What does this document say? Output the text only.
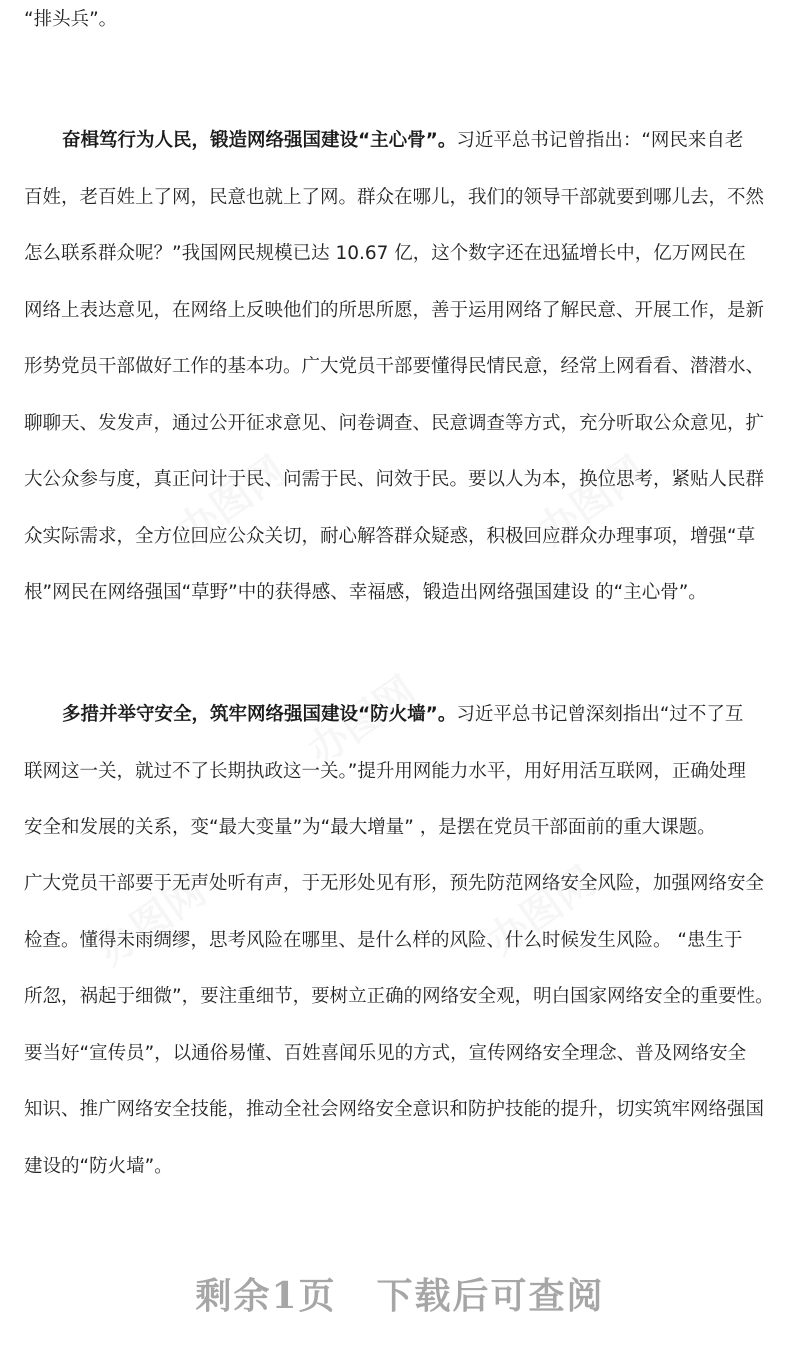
“排头兵”。
奋楫笃行为人民，锻造网络强国建设“主心骨”。习近平总书记曾指出：“网民来自老
百姓，老百姓上了网，民意也就上了网。群众在哪儿，我们的领导干部就要到哪儿去，不然
怎么联系群众呢？”我国网民规模已达 10.67 亿，这个数字还在迅猛增长中，亿万网民在
网络上表达意见，在网络上反映他们的所思所愿，善于运用网络了解民意、开展工作，是新
形势党员干部做好工作的基本功。广大党员干部要懂得民情民意，经常上网看看、潜潜水、
聊聊天、发发声，通过公开征求意见、问卷调查、民意调查等方式，充分听取公众意见，扩
大公众参与度，真正问计于民、问需于民、问效于民。要以人为本，换位思考，紧贴人民群
众实际需求，全方位回应公众关切，耐心解答群众疑惑，积极回应群众办理事项，增强“草
根”网民在网络强国“草野”中的获得感、幸福感，锻造出网络强国建设 的“主心骨”。
多措并举守安全，筑牢网络强国建设“防火墙”。习近平总书记曾深刻指出“过不了互
联网这一关，就过不了长期执政这一关。”提升用网能力水平，用好用活互联网，正确处理
安全和发展的关系，变“最大变量”为“最大增量” ，是摆在党员干部面前的重大课题。
广大党员干部要于无声处听有声，于无形处见有形，预先防范网络安全风险，加强网络安全
检查。懂得未雨绸缪，思考风险在哪里、是什么样的风险、什么时候发生风险。 “患生于
所忽，祸起于细微”，要注重细节，要树立正确的网络安全观，明白国家网络安全的重要性。
要当好“宣传员”，以通俗易懂、百姓喜闻乐见的方式，宣传网络安全理念、普及网络安全
知识、推广网络安全技能，推动全社会网络安全意识和防护技能的提升，切实筑牢网络强国
建设的“防火墙”。
剩余1页 下载后可查阅
